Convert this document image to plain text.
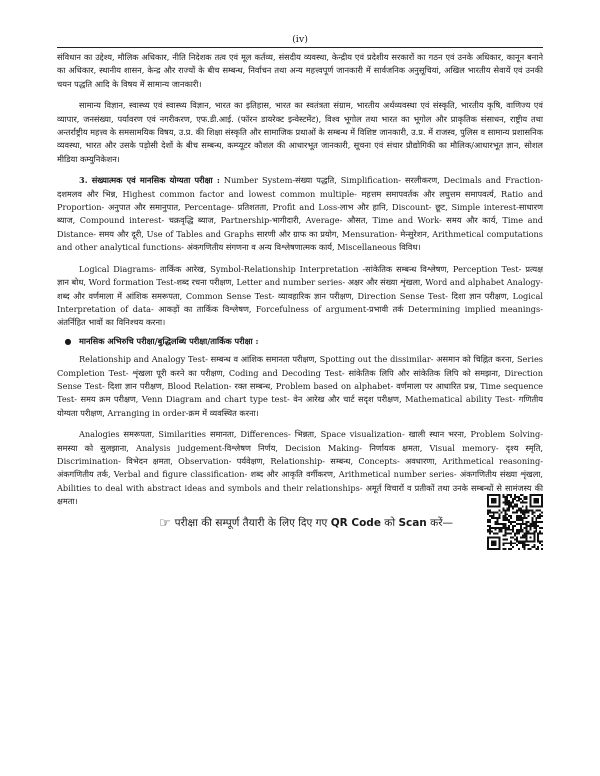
(iv)

संविधान का उद्देश्य, मौलिक अधिकार, नीति निदेशक तत्व एवं मूल कर्तव्य, संसदीय व्यवस्था, केन्द्रीय एवं प्रदेशीय सरकारों का गठन एवं उनके अधिकार, कानून बनाने का अधिकार, स्थानीय शासन, केन्द्र और राज्यों के बीच सम्बन्ध, निर्वाचन तथा अन्य महत्त्वपूर्ण जानकारी में सार्वजनिक अनुसूचियां, अखिल भारतीय सेवायें एवं उनकी चयन पद्धति आदि के विषय में सामान्य जानकारी।

सामान्य विज्ञान, स्वास्थ्य एवं स्वास्थ्य विज्ञान, भारत का इतिहास, भारत का स्वतंत्रता संग्राम, भारतीय अर्थव्यवस्था एवं संस्कृति, भारतीय कृषि, वाणिज्य एवं व्यापार, जनसंख्या, पर्यावरण एवं नगरीकरण, एफ.डी.आई. (फॉरन डायरेक्ट इन्वेस्टमेंट), विश्व भूगोल तथा भारत का भूगोल और प्राकृतिक संसाधन, राष्ट्रीय तथा अन्तर्राष्ट्रीय महत्त्व के समसामयिक विषय, उ.प्र. की शिक्षा संस्कृति और सामाजिक प्रथाओं के सम्बन्ध में विशिष्ट जानकारी, उ.प्र. में राजस्व, पुलिस व सामान्य प्रशासनिक व्यवस्था, भारत और उसके पड़ोसी देशों के बीच सम्बन्ध, कम्प्यूटर कौशल की आधारभूत जानकारी, सूचना एवं संचार प्रौद्योगिकी का मौलिक/आधारभूत ज्ञान, सोशल मीडिया कम्युनिकेशन।

3. संख्यात्मक एवं मानसिक योग्यता परीक्षा : Number System-संख्या पद्धति, Simplification- सरलीकरण, Decimals and Fraction-दशमलव और भिन्न, Highest common factor and lowest common multiple- महत्तम समापवर्तक और लघुत्तम समापवर्त्य, Ratio and Proportion- अनुपात और समानुपात, Percentage- प्रतिशतता, Profit and Loss-लाभ और हानि, Discount- छूट, Simple interest-साधारण ब्याज, Compound interest- चक्रवृद्धि ब्याज, Partnership-भागीदारी, Average- औसत, Time and Work- समय और कार्य, Time and Distance- समय और दूरी, Use of Tables and Graphs सारणी और ग्राफ का प्रयोग, Mensuration- मेन्सुरेशन, Arithmetical computations and other analytical functions- अंकगणितीय संगणना व अन्य विश्लेषणात्मक कार्य, Miscellaneous विविध।

Logical Diagrams- तार्किक आरेख, Symbol-Relationship Interpretation -सांकेतिक सम्बन्ध विश्लेषण, Perception Test- प्रत्यक्ष ज्ञान बोध, Word formation Test-शब्द रचना परीक्षण, Letter and number series- अक्षर और संख्या शृंखला, Word and alphabet Analogy- शब्द और वर्णमाला में आंशिक समरूपता, Common Sense Test- व्यावहारिक ज्ञान परीक्षण, Direction Sense Test- दिशा ज्ञान परीक्षण, Logical Interpretation of data- आकड़ों का तार्किक विश्लेषण, Forcefulness of argument-प्रभावी तर्क Determining implied meanings- अंतर्निहित भावों का विनिश्चय करना।

● मानसिक अभिरुचि परीक्षा/बुद्धिलब्धि परीक्षा/तार्किक परीक्षा :

Relationship and Analogy Test- सम्बन्ध व आंशिक समानता परीक्षण, Spotting out the dissimilar- असमान को चिह्नित करना, Series Completion Test- शृंखला पूरी करने का परीक्षण, Coding and Decoding Test- सांकेतिक लिपि और सांकेतिक लिपि को समझना, Direction Sense Test- दिशा ज्ञान परीक्षण, Blood Relation- रक्त सम्बन्ध, Problem based on alphabet- वर्णमाला पर आधारित प्रश्न, Time sequence Test- समय क्रम परीक्षण, Venn Diagram and chart type test- वेन आरेख और चार्ट सदृश परीक्षण, Mathematical ability Test- गणितीय योग्यता परीक्षण, Arranging in order-क्रम में व्यवस्थित करना।

Analogies समरूपता, Similarities समानता, Differences- भिन्नता, Space visualization- खाली स्थान भरना, Problem Solving- समस्या को सुलझाना, Analysis judgement-विश्लेषण निर्णय, Decision Making- निर्णायक क्षमता, Visual memory- दृश्य स्मृति, Discrimination- विभेदन क्षमता, Observation- पर्यवेक्षण, Relationship- सम्बन्ध, Concepts- अवधारणा, Arithmetical reasoning- अंकगणितीय तर्क, Verbal and figure classification- शब्द और आकृति वर्गीकरण, Arithmetical number series- अंकगणितीय संख्या शृंखला, Abilities to deal with abstract ideas and symbols and their relationships- अमूर्त विचारों व प्रतीकों तथा उनके सम्बन्धों से सामंजस्य की क्षमता।

☞ परीक्षा की सम्पूर्ण तैयारी के लिए दिए गए QR Code को Scan करें—
